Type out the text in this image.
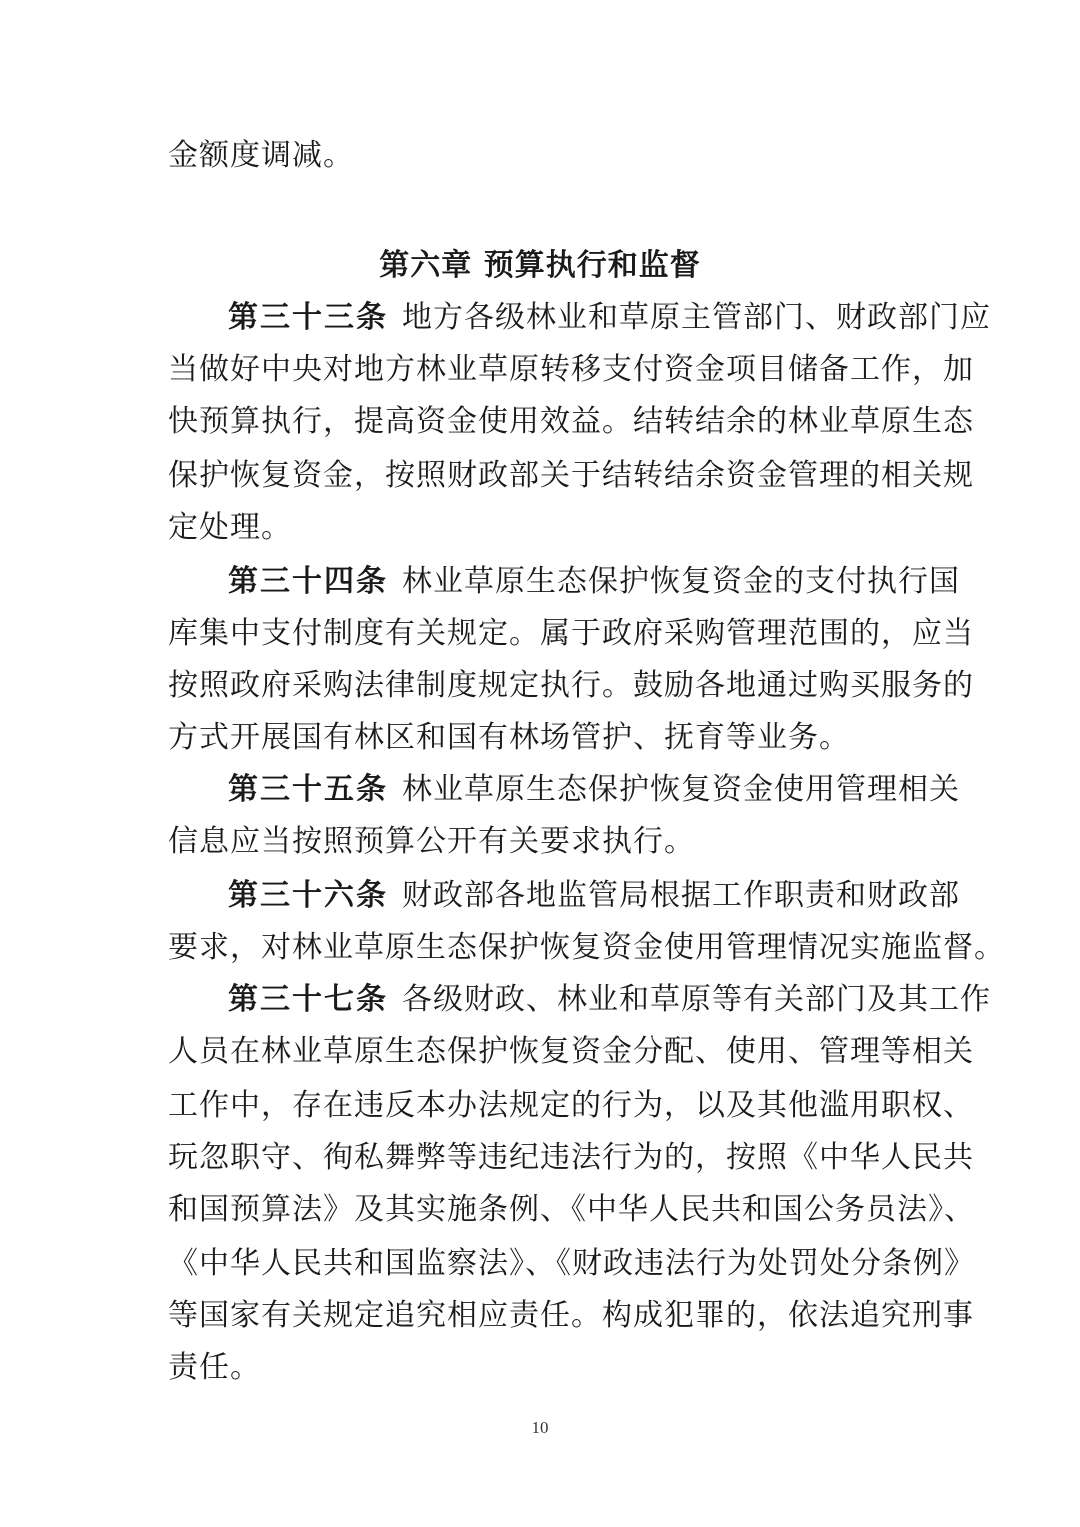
金额度调减。
第六章 预算执行和监督
第三十三条 地方各级林业和草原主管部门、财政部门应
当做好中央对地方林业草原转移支付资金项目储备工作，加
快预算执行，提高资金使用效益。结转结余的林业草原生态
保护恢复资金，按照财政部关于结转结余资金管理的相关规
定处理。
第三十四条 林业草原生态保护恢复资金的支付执行国
库集中支付制度有关规定。属于政府采购管理范围的，应当
按照政府采购法律制度规定执行。鼓励各地通过购买服务的
方式开展国有林区和国有林场管护、抚育等业务。
第三十五条 林业草原生态保护恢复资金使用管理相关
信息应当按照预算公开有关要求执行。
第三十六条 财政部各地监管局根据工作职责和财政部
要求，对林业草原生态保护恢复资金使用管理情况实施监督。
第三十七条 各级财政、林业和草原等有关部门及其工作
人员在林业草原生态保护恢复资金分配、使用、管理等相关
工作中，存在违反本办法规定的行为，以及其他滥用职权、
玩忽职守、徇私舞弊等违纪违法行为的，按照《中华人民共
和国预算法》及其实施条例、《中华人民共和国公务员法》、
《中华人民共和国监察法》、《财政违法行为处罚处分条例》
等国家有关规定追究相应责任。构成犯罪的，依法追究刑事
责任。
10
